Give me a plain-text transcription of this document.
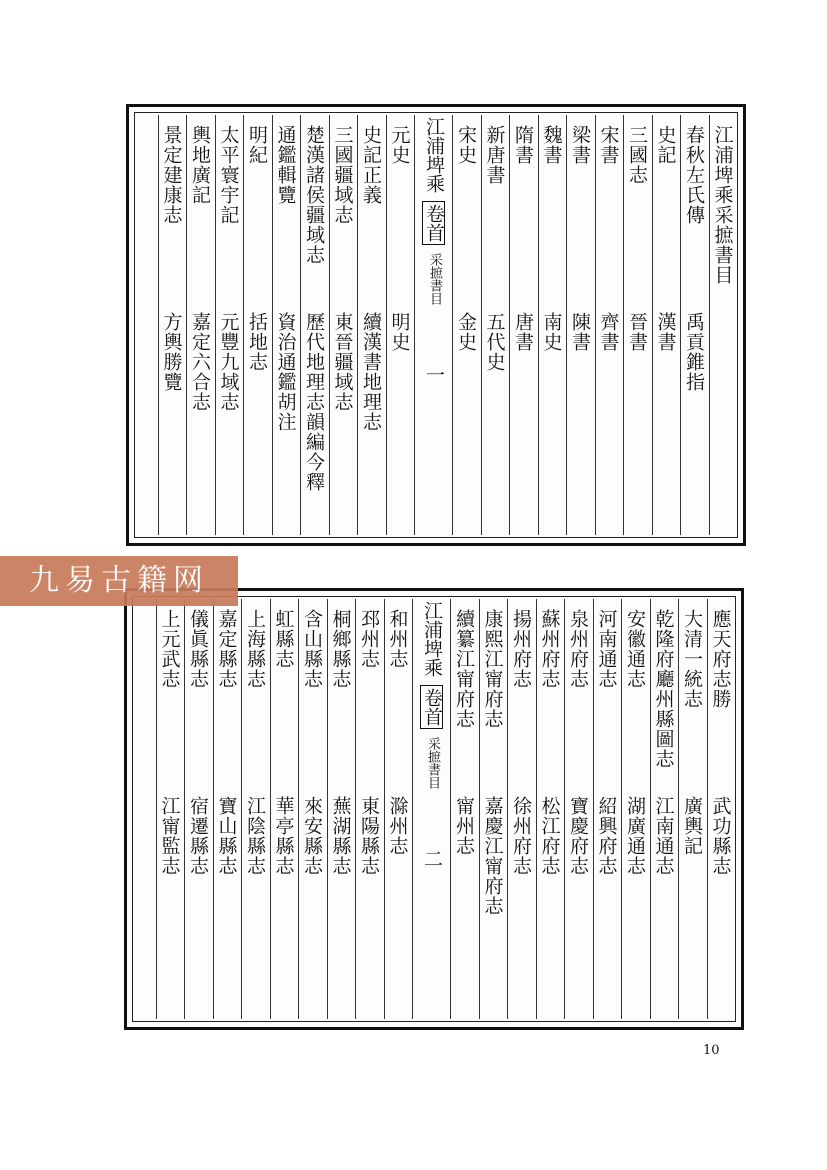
江浦埤乘采摭書目
春秋左氏傳
禹貢錐指
史記
漢書
三國志
晉書
宋書
齊書
梁書
陳書
魏書
南史
隋書
唐書
新唐書
五代史
宋史
金史
江浦埤乘卷首采摭書目一
元史
明史
史記正義
續漢書地理志
三國疆域志
東晉疆域志
楚漢諸侯疆域志
歷代地理志韻編今釋
通鑑輯覽
資治通鑑胡注
明紀
括地志
太平寰宇記
元豐九域志
輿地廣記
嘉定六合志
景定建康志
方輿勝覽
應天府志勝
武功縣志
大清一統志
廣輿記
乾隆府廳州縣圖志
江南通志
安徽通志
湖廣通志
河南通志
紹興府志
泉州府志
寶慶府志
蘇州府志
松江府志
揚州府志
徐州府志
康熙江甯府志
嘉慶江甯府志
續纂江甯府志
甯州志
江浦埤乘卷首采摭書目二
和州志
滁州志
邳州志
東陽縣志
桐鄉縣志
蕪湖縣志
含山縣志
來安縣志
虹縣志
華亭縣志
上海縣志
江陰縣志
嘉定縣志
寶山縣志
儀眞縣志
宿遷縣志
上元武志
江甯監志
九易古籍网
10
